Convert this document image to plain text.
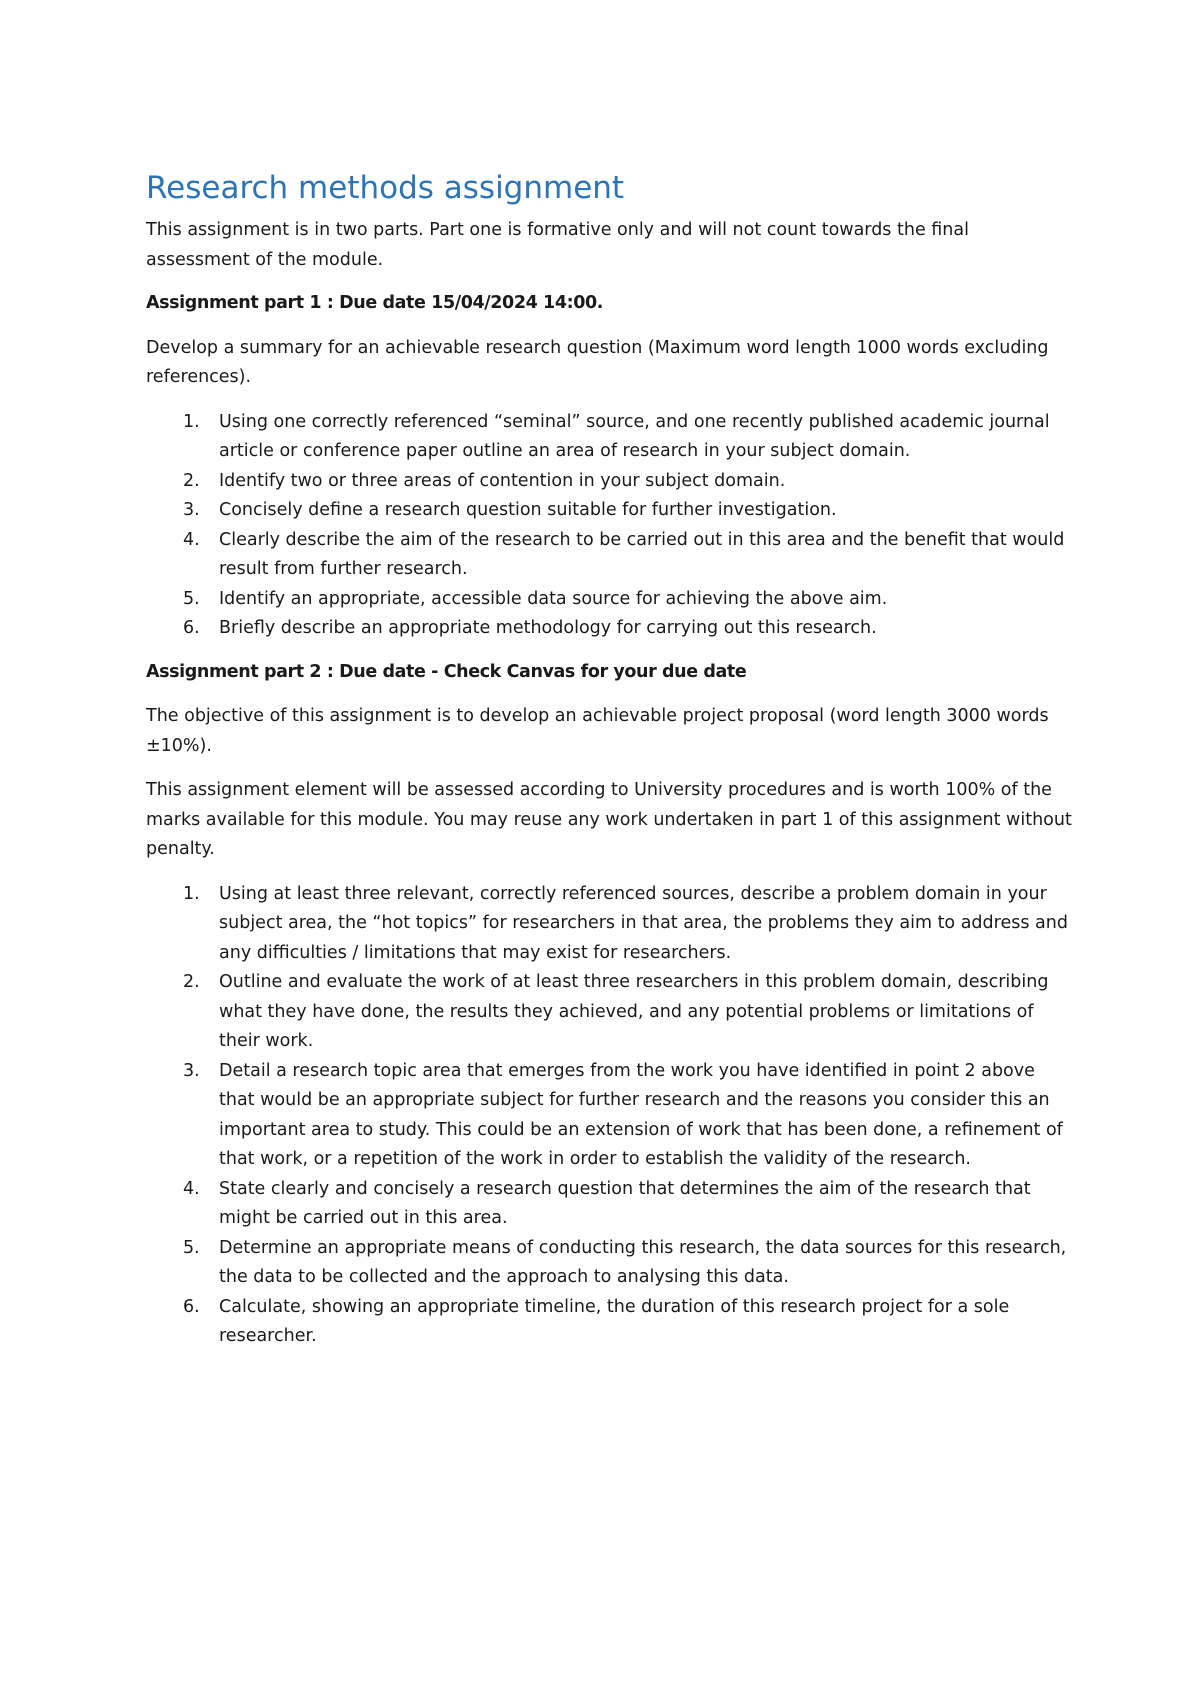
Research methods assignment

This assignment is in two parts. Part one is formative only and will not count towards the final assessment of the module.

Assignment part 1 : Due date 15/04/2024 14:00.

Develop a summary for an achievable research question (Maximum word length 1000 words excluding references).

1.	Using one correctly referenced “seminal” source, and one recently published academic journal article or conference paper outline an area of research in your subject domain.
2.	Identify two or three areas of contention in your subject domain.
3.	Concisely define a research question suitable for further investigation.
4.	Clearly describe the aim of the research to be carried out in this area and the benefit that would result from further research.
5.	Identify an appropriate, accessible data source for achieving the above aim.
6.	Briefly describe an appropriate methodology for carrying out this research.
Assignment part 2 : Due date - Check Canvas for your due date

The objective of this assignment is to develop an achievable project proposal (word length 3000 words ±10%).

This assignment element will be assessed according to University procedures and is worth 100% of the marks available for this module. You may reuse any work undertaken in part 1 of this assignment without penalty.

1.	Using at least three relevant, correctly referenced sources, describe a problem domain in your subject area, the “hot topics” for researchers in that area, the problems they aim to address and any difficulties / limitations that may exist for researchers.
2.	Outline and evaluate the work of at least three researchers in this problem domain, describing what they have done, the results they achieved, and any potential problems or limitations of their work.
3.	Detail a research topic area that emerges from the work you have identified in point 2 above that would be an appropriate subject for further research and the reasons you consider this an important area to study. This could be an extension of work that has been done, a refinement of that work, or a repetition of the work in order to establish the validity of the research.
4.	State clearly and concisely a research question that determines the aim of the research that might be carried out in this area.
5.	Determine an appropriate means of conducting this research, the data sources for this research, the data to be collected and the approach to analysing this data.
6.	Calculate, showing an appropriate timeline, the duration of this research project for a sole researcher.
